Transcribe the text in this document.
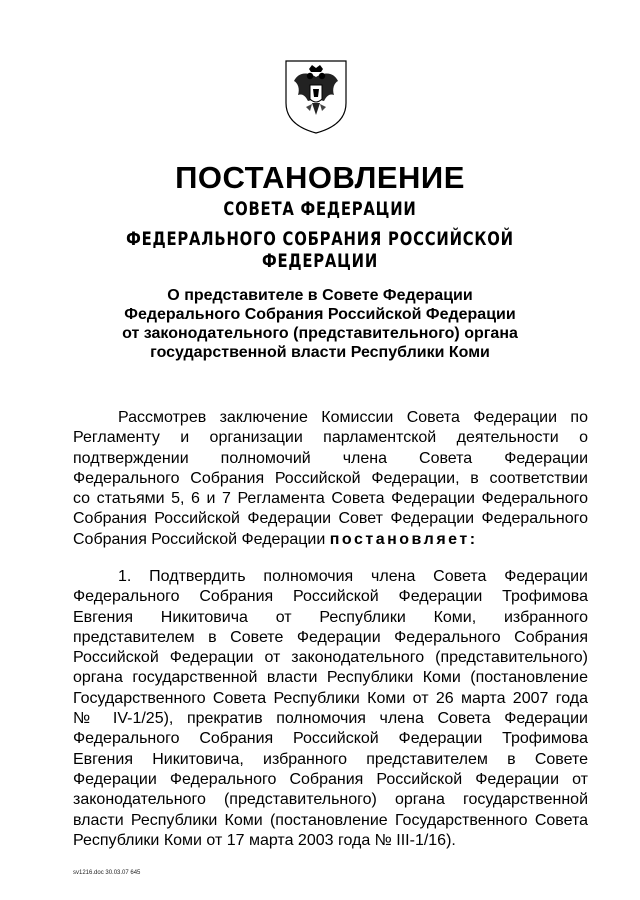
ПОСТАНОВЛЕНИЕ
СОВЕТА ФЕДЕРАЦИИ
ФЕДЕРАЛЬНОГО СОБРАНИЯ РОССИЙСКОЙ ФЕДЕРАЦИИ
О представителе в Совете Федерации
Федерального Собрания Российской Федерации
от законодательного (представительного) органа
государственной власти Республики Коми
Рассмотрев заключение Комиссии Совета Федерации по
Регламенту и организации парламентской деятельности о
подтверждении полномочий члена Совета Федерации
Федерального Собрания Российской Федерации, в соответствии
со статьями 5, 6 и 7 Регламента Совета Федерации Федерального
Собрания Российской Федерации Совет Федерации Федерального
Собрания Российской Федерации постановляет:
1. Подтвердить полномочия члена Совета Федерации
Федерального Собрания Российской Федерации Трофимова
Евгения Никитовича от Республики Коми, избранного
представителем в Совете Федерации Федерального Собрания
Российской Федерации от законодательного (представительного)
органа государственной власти Республики Коми (постановление
Государственного Совета Республики Коми от 26 марта 2007 года
№ IV-1/25), прекратив полномочия члена Совета Федерации
Федерального Собрания Российской Федерации Трофимова
Евгения Никитовича, избранного представителем в Совете
Федерации Федерального Собрания Российской Федерации от
законодательного (представительного) органа государственной
власти Республики Коми (постановление Государственного Совета
Республики Коми от 17 марта 2003 года № III-1/16).
sv1216.doc 30.03.07 645
